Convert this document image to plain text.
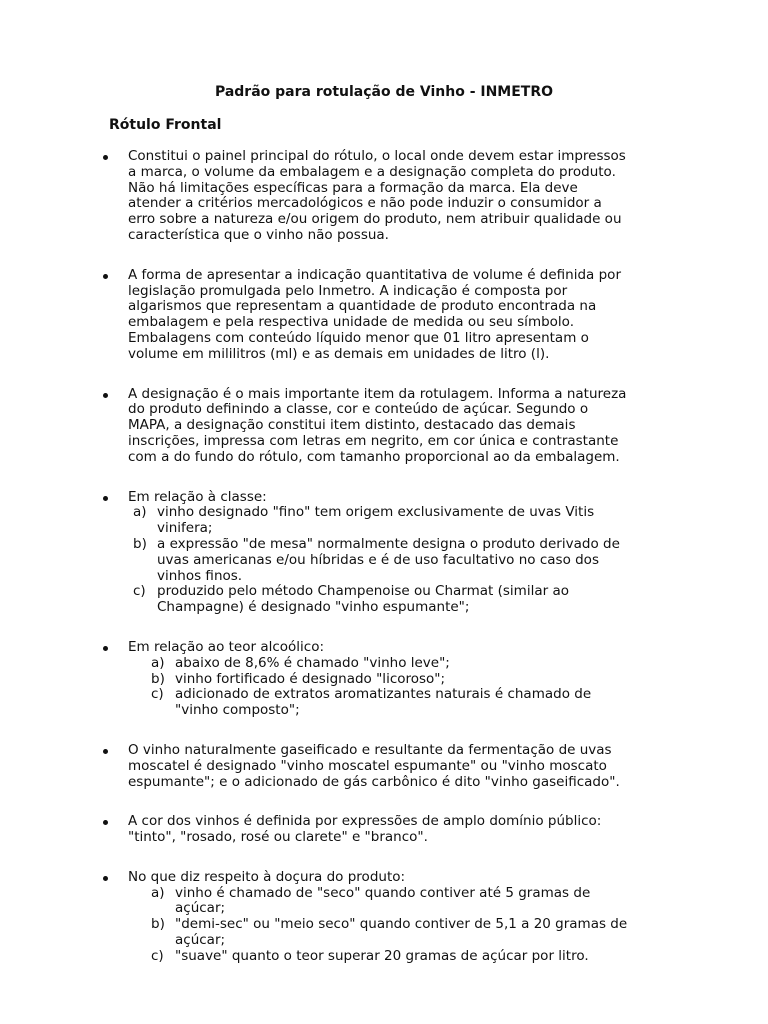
Padrão para rotulação de Vinho - INMETRO
Rótulo Frontal
Constitui o painel principal do rótulo, o local onde devem estar impressos
a marca, o volume da embalagem e a designação completa do produto.
Não há limitações específicas para a formação da marca. Ela deve
atender a critérios mercadológicos e não pode induzir o consumidor a
erro sobre a natureza e/ou origem do produto, nem atribuir qualidade ou
característica que o vinho não possua.
A forma de apresentar a indicação quantitativa de volume é definida por
legislação promulgada pelo Inmetro. A indicação é composta por
algarismos que representam a quantidade de produto encontrada na
embalagem e pela respectiva unidade de medida ou seu símbolo.
Embalagens com conteúdo líquido menor que 01 litro apresentam o
volume em mililitros (ml) e as demais em unidades de litro (l).
A designação é o mais importante item da rotulagem. Informa a natureza
do produto definindo a classe, cor e conteúdo de açúcar. Segundo o
MAPA, a designação constitui item distinto, destacado das demais
inscrições, impressa com letras em negrito, em cor única e contrastante
com a do fundo do rótulo, com tamanho proporcional ao da embalagem.
Em relação à classe:
a) vinho designado "fino" tem origem exclusivamente de uvas Vitis
vinifera;
b) a expressão "de mesa" normalmente designa o produto derivado de
uvas americanas e/ou híbridas e é de uso facultativo no caso dos
vinhos finos.
c) produzido pelo método Champenoise ou Charmat (similar ao
Champagne) é designado "vinho espumante";
Em relação ao teor alcoólico:
a) abaixo de 8,6% é chamado "vinho leve";
b) vinho fortificado é designado "licoroso";
c) adicionado de extratos aromatizantes naturais é chamado de
"vinho composto";
O vinho naturalmente gaseificado e resultante da fermentação de uvas
moscatel é designado "vinho moscatel espumante" ou "vinho moscato
espumante"; e o adicionado de gás carbônico é dito "vinho gaseificado".
A cor dos vinhos é definida por expressões de amplo domínio público:
"tinto", "rosado, rosé ou clarete" e "branco".
No que diz respeito à doçura do produto:
a) vinho é chamado de "seco" quando contiver até 5 gramas de
açúcar;
b) "demi-sec" ou "meio seco" quando contiver de 5,1 a 20 gramas de
açúcar;
c) "suave" quanto o teor superar 20 gramas de açúcar por litro.
